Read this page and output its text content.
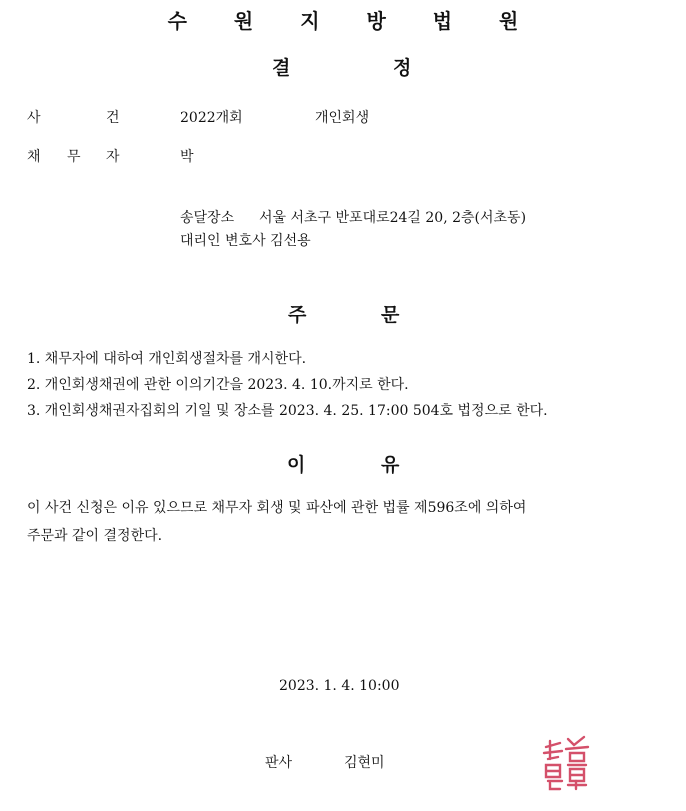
수 원 지 방 법 원
결	정
사	건	2022개회	개인회생
채 무 자	박
송달장소 서울 서초구 반포대로24길 20, 2층(서초동)
대리인 변호사 김선용
주	문
1. 채무자에 대하여 개인회생절차를 개시한다.
2. 개인회생채권에 관한 이의기간을 2023. 4. 10.까지로 한다.
3. 개인회생채권자집회의 기일 및 장소를 2023. 4. 25. 17:00 504호 법정으로 한다.
이	유
이 사건 신청은 이유 있으므로 채무자 회생 및 파산에 관한 법률 제596조에 의하여
주문과 같이 결정한다.
2023. 1. 4. 10:00
판사	김현미
